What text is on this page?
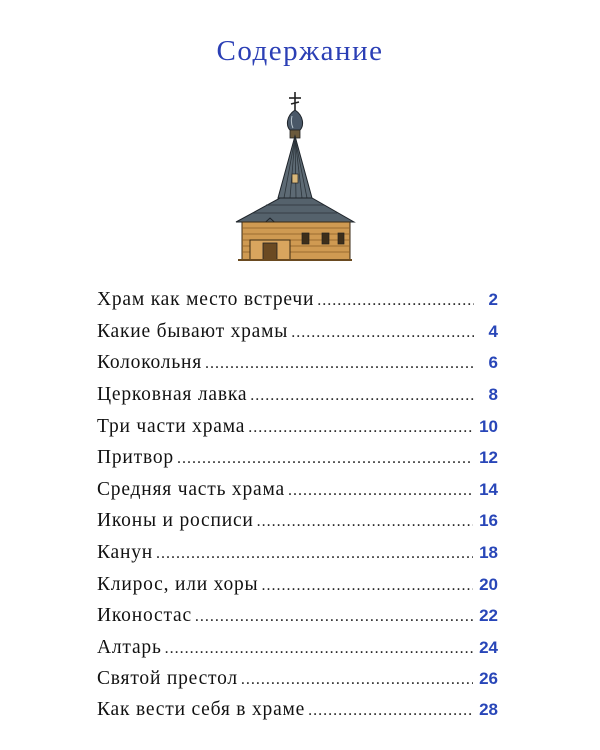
Содержание
Храм как место встречи .....	2
Какие бывают храмы .....	4
Колокольня .....	6
Церковная лавка .....	8
Три части храма .....	10
Притвор .....	12
Средняя часть храма .....	14
Иконы и росписи .....	16
Канун .....	18
Клирос, или хоры .....	20
Иконостас .....	22
Алтарь .....	24
Святой престол .....	26
Как вести себя в храме .....	28
